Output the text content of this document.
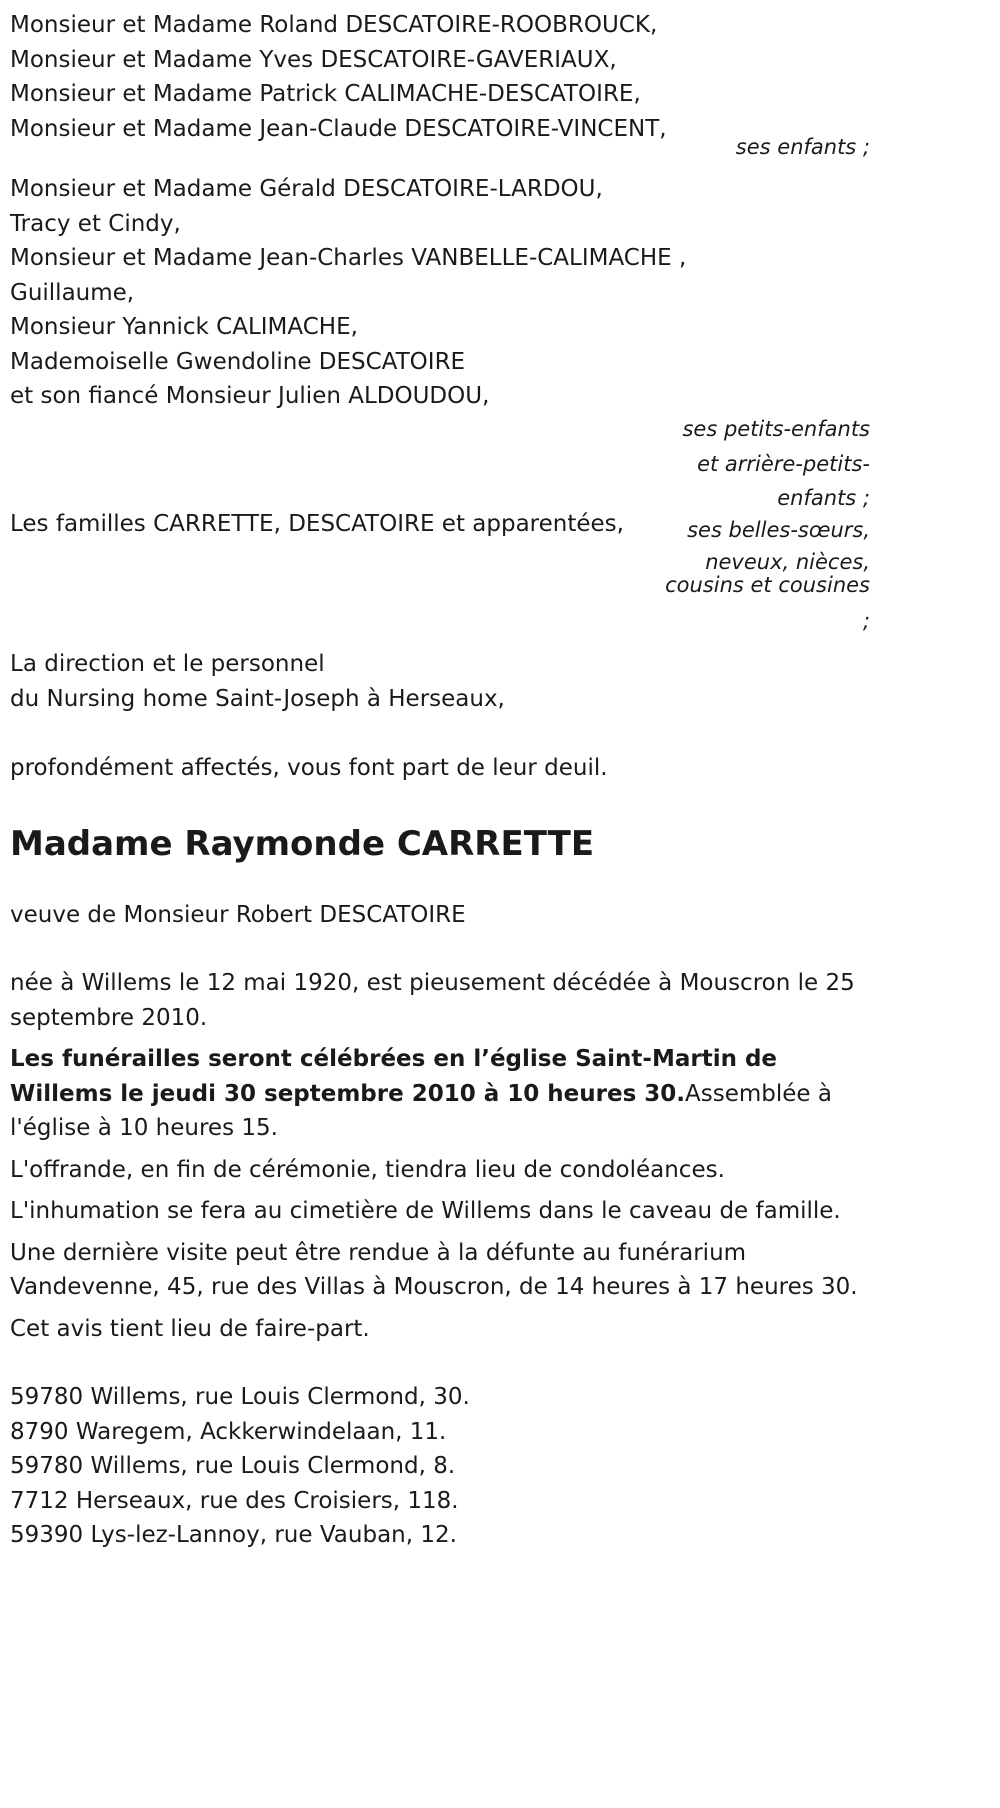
Monsieur et Madame Roland DESCATOIRE-ROOBROUCK,
Monsieur et Madame Yves DESCATOIRE-GAVERIAUX,
Monsieur et Madame Patrick CALIMACHE-DESCATOIRE,
Monsieur et Madame Jean-Claude DESCATOIRE-VINCENT,
ses enfants ;
Monsieur et Madame Gérald DESCATOIRE-LARDOU,
Tracy et Cindy,
Monsieur et Madame Jean-Charles VANBELLE-CALIMACHE ,
Guillaume,
Monsieur Yannick CALIMACHE,
Mademoiselle Gwendoline DESCATOIRE
et son fiancé Monsieur Julien ALDOUDOU,
ses petits-enfants
et arrière-petits-
enfants ;
Les familles CARRETTE, DESCATOIRE et apparentées,	ses belles-sœurs,
neveux, nièces,
cousins et cousines
;
La direction et le personnel
du Nursing home Saint-Joseph à Herseaux,
profondément affectés, vous font part de leur deuil.
Madame Raymonde CARRETTE
veuve de Monsieur Robert DESCATOIRE
née à Willems le 12 mai 1920, est pieusement décédée à Mouscron le 25 septembre 2010.
Les funérailles seront célébrées en l’église Saint-Martin de Willems le jeudi 30 septembre 2010 à 10 heures 30.Assemblée à l'église à 10 heures 15.
L'offrande, en fin de cérémonie, tiendra lieu de condoléances.
L'inhumation se fera au cimetière de Willems dans le caveau de famille.
Une dernière visite peut être rendue à la défunte au funérarium Vandevenne, 45, rue des Villas à Mouscron, de 14 heures à 17 heures 30.
Cet avis tient lieu de faire-part.
59780 Willems, rue Louis Clermond, 30.
8790 Waregem, Ackkerwindelaan, 11.
59780 Willems, rue Louis Clermond, 8.
7712 Herseaux, rue des Croisiers, 118.
59390 Lys-lez-Lannoy, rue Vauban, 12.
